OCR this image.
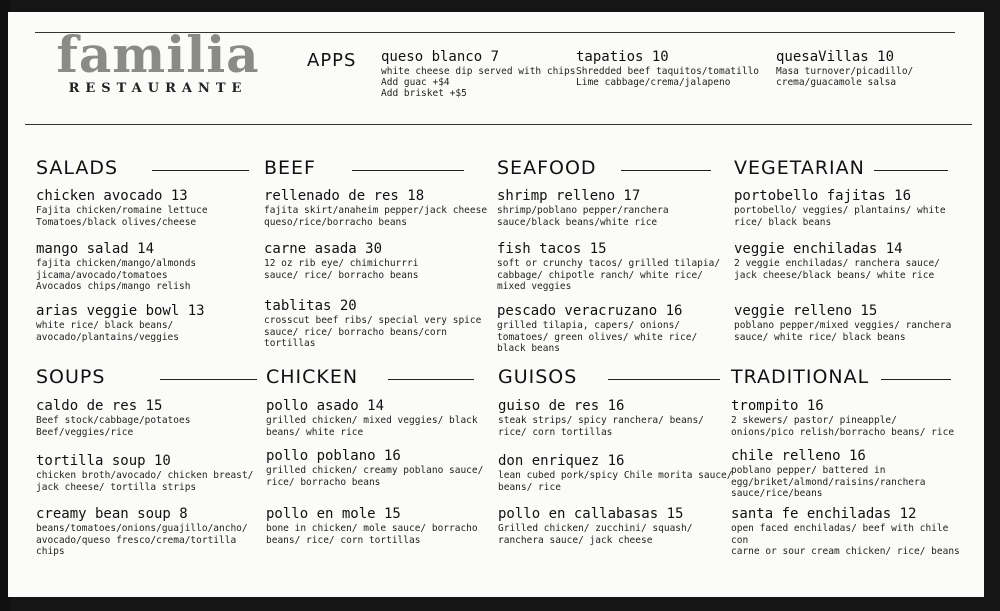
familia
RESTAURANTE
APPS queso blanco 7
white cheese dip served with chips
Add guac +$4
Add brisket +$5
tapatios 10
Shredded beef taquitos/tomatillo
Lime cabbage/crema/jalapeno
quesaVillas 10
Masa turnover/picadillo/
crema/guacamole salsa
SALADS
chicken avocado 13
Fajita chicken/romaine lettuce
Tomatoes/black olives/cheese
mango salad 14
fajita chicken/mango/almonds
jicama/avocado/tomatoes
Avocados chips/mango relish
arias veggie bowl 13
white rice/ black beans/
avocado/plantains/veggies
BEEF
rellenado de res 18
fajita skirt/anaheim pepper/jack cheese
queso/rice/borracho beans
carne asada 30
12 oz rib eye/ chimichurrri
sauce/ rice/ borracho beans
tablitas 20
crosscut beef ribs/ special very spice
sauce/ rice/ borracho beans/corn
tortillas
SEAFOOD
shrimp relleno 17
shrimp/poblano pepper/ranchera
sauce/black beans/white rice
fish tacos 15
soft or crunchy tacos/ grilled tilapia/
cabbage/ chipotle ranch/ white rice/
mixed veggies
pescado veracruzano 16
grilled tilapia, capers/ onions/
tomatoes/ green olives/ white rice/
black beans
VEGETARIAN
portobello fajitas 16
portobello/ veggies/ plantains/ white
rice/ black beans
veggie enchiladas 14
2 veggie enchiladas/ ranchera sauce/
jack cheese/black beans/ white rice
veggie relleno 15
poblano pepper/mixed veggies/ ranchera
sauce/ white rice/ black beans
SOUPS
caldo de res 15
Beef stock/cabbage/potatoes
Beef/veggies/rice
tortilla soup 10
chicken broth/avocado/ chicken breast/
jack cheese/ tortilla strips
creamy bean soup 8
beans/tomatoes/onions/guajillo/ancho/
avocado/queso fresco/crema/tortilla
chips
CHICKEN
pollo asado 14
grilled chicken/ mixed veggies/ black
beans/ white rice
pollo poblano 16
grilled chicken/ creamy poblano sauce/
rice/ borracho beans
pollo en mole 15
bone in chicken/ mole sauce/ borracho
beans/ rice/ corn tortillas
GUISOS
guiso de res 16
steak strips/ spicy ranchera/ beans/
rice/ corn tortillas
don enriquez 16
lean cubed pork/spicy Chile morita sauce/
beans/ rice
pollo en callabasas 15
Grilled chicken/ zucchini/ squash/
ranchera sauce/ jack cheese
TRADITIONAL
trompito 16
2 skewers/ pastor/ pineapple/
onions/pico relish/borracho beans/ rice
chile relleno 16
poblano pepper/ battered in
egg/briket/almond/raisins/ranchera
sauce/rice/beans
santa fe enchiladas 12
open faced enchiladas/ beef with chile con
carne or sour cream chicken/ rice/ beans
